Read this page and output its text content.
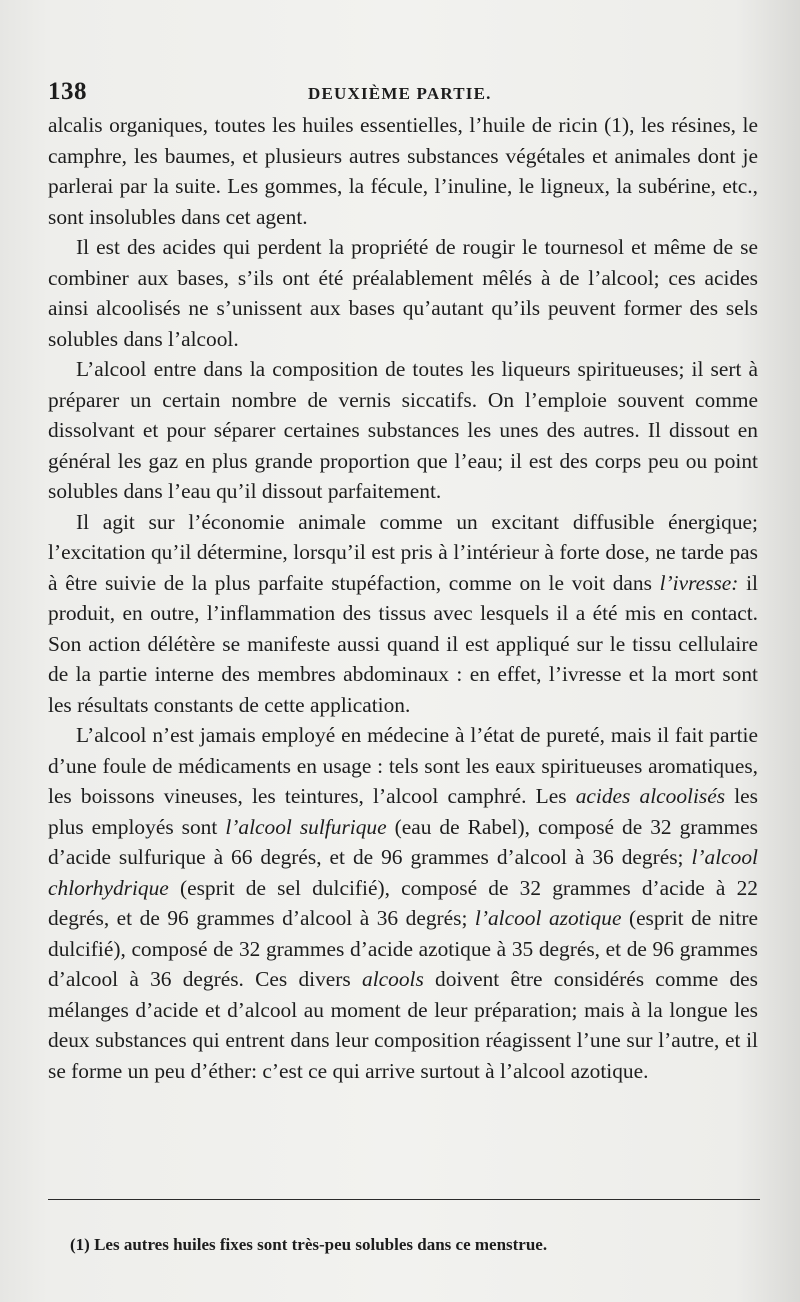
138	DEUXIÈME PARTIE.

alcalis organiques, toutes les huiles essentielles, l’huile de ricin (1), les résines, le camphre, les baumes, et plusieurs autres substances végétales et animales dont je parlerai par la suite. Les gommes, la fécule, l’inuline, le ligneux, la subérine, etc., sont insolubles dans cet agent.

Il est des acides qui perdent la propriété de rougir le tournesol et même de se combiner aux bases, s’ils ont été préalablement mêlés à de l’alcool; ces acides ainsi alcoolisés ne s’unissent aux bases qu’autant qu’ils peuvent former des sels solubles dans l’alcool.

L’alcool entre dans la composition de toutes les liqueurs spiritueuses; il sert à préparer un certain nombre de vernis siccatifs. On l’emploie souvent comme dissolvant et pour séparer certaines substances les unes des autres. Il dissout en général les gaz en plus grande proportion que l’eau; il est des corps peu ou point solubles dans l’eau qu’il dissout parfaitement.

Il agit sur l’économie animale comme un excitant diffusible énergique; l’excitation qu’il détermine, lorsqu’il est pris à l’intérieur à forte dose, ne tarde pas à être suivie de la plus parfaite stupéfaction, comme on le voit dans l’ivresse: il produit, en outre, l’inflammation des tissus avec lesquels il a été mis en contact. Son action délétère se manifeste aussi quand il est appliqué sur le tissu cellulaire de la partie interne des membres abdominaux : en effet, l’ivresse et la mort sont les résultats constants de cette application.

L’alcool n’est jamais employé en médecine à l’état de pureté, mais il fait partie d’une foule de médicaments en usage : tels sont les eaux spiritueuses aromatiques, les boissons vineuses, les teintures, l’alcool camphré. Les acides alcoolisés les plus employés sont l’alcool sulfurique (eau de Rabel), composé de 32 grammes d’acide sulfurique à 66 degrés, et de 96 grammes d’alcool à 36 degrés; l’alcool chlorhydrique (esprit de sel dulcifié), composé de 32 grammes d’acide à 22 degrés, et de 96 grammes d’alcool à 36 degrés; l’alcool azotique (esprit de nitre dulcifié), composé de 32 grammes d’acide azotique à 35 degrés, et de 96 grammes d’alcool à 36 degrés. Ces divers alcools doivent être considérés comme des mélanges d’acide et d’alcool au moment de leur préparation; mais à la longue les deux substances qui entrent dans leur composition réagissent l’une sur l’autre, et il se forme un peu d’éther: c’est ce qui arrive surtout à l’alcool azotique.

(1) Les autres huiles fixes sont très-peu solubles dans ce menstrue.
